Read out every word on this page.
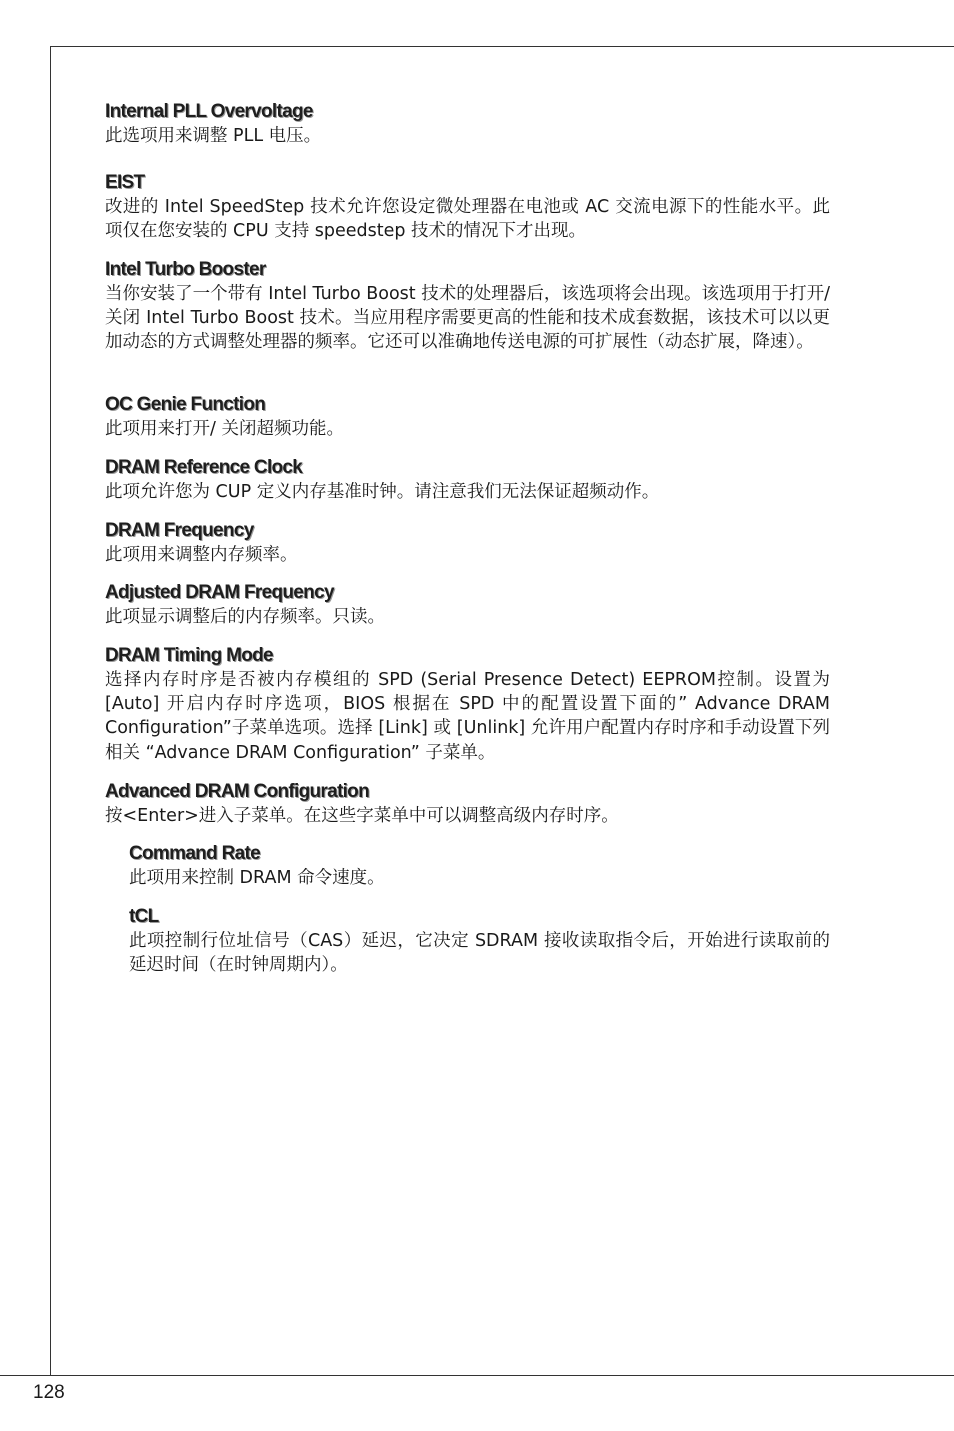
Internal PLL Overvoltage

此选项用来调整 PLL 电压。

EIST

改进的 Intel SpeedStep 技术允许您设定微处理器在电池或 AC 交流电源下的性能水平。此项仅在您安装的 CPU 支持 speedstep 技术的情况下才出现。

Intel Turbo Booster

当你安装了一个带有 Intel Turbo Boost 技术的处理器后，该选项将会出现。该选项用于打开/关闭 Intel Turbo Boost 技术。当应用程序需要更高的性能和技术成套数据，该技术可以以更加动态的方式调整处理器的频率。它还可以准确地传送电源的可扩展性（动态扩展，降速）。

OC Genie Function

此项用来打开/ 关闭超频功能。

DRAM Reference Clock

此项允许您为 CUP 定义内存基准时钟。请注意我们无法保证超频动作。

DRAM Frequency

此项用来调整内存频率。

Adjusted DRAM Frequency

此项显示调整后的内存频率。只读。

DRAM Timing Mode

选择内存时序是否被内存模组的 SPD (Serial Presence Detect) EEPROM控制。设置为 [Auto] 开启内存时序选项，BIOS 根据在 SPD 中的配置设置下面的” Advance DRAM Configuration”子菜单选项。选择 [Link] 或 [Unlink] 允许用户配置内存时序和手动设置下列相关 “Advance DRAM Configuration” 子菜单。

Advanced DRAM Configuration

按<Enter>进入子菜单。在这些字菜单中可以调整高级内存时序。

Command Rate

此项用来控制 DRAM 命令速度。

tCL

此项控制行位址信号（CAS）延迟，它决定 SDRAM 接收读取指令后，开始进行读取前的延迟时间（在时钟周期内）。

128
